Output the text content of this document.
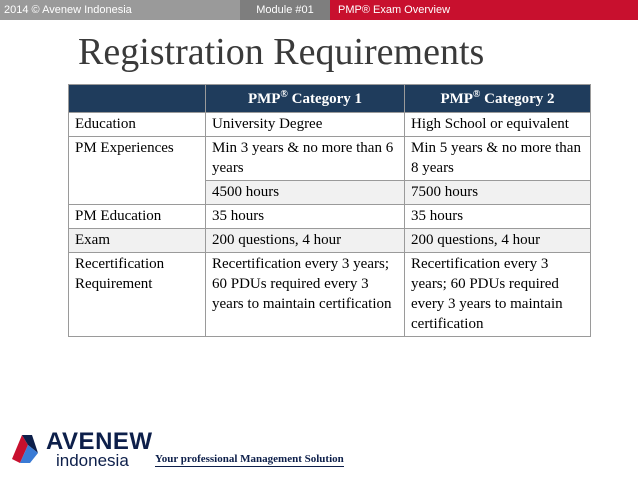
2014 © Avenew Indonesia	Module #01	PMP® Exam Overview
Registration Requirements
	PMP® Category 1	PMP® Category 2
Education	University Degree	High School or equivalent
PM Experiences	Min 3 years & no more than 6 years	Min 5 years & no more than 8 years
	4500 hours	7500 hours
PM Education	35 hours	35 hours
Exam	200 questions, 4 hour	200 questions, 4 hour
Recertification Requirement	Recertification every 3 years; 60 PDUs required every 3 years to maintain certification	Recertification every 3 years; 60 PDUs required every 3 years to maintain certification
AVENEW
indonesia Your professional Management Solution
